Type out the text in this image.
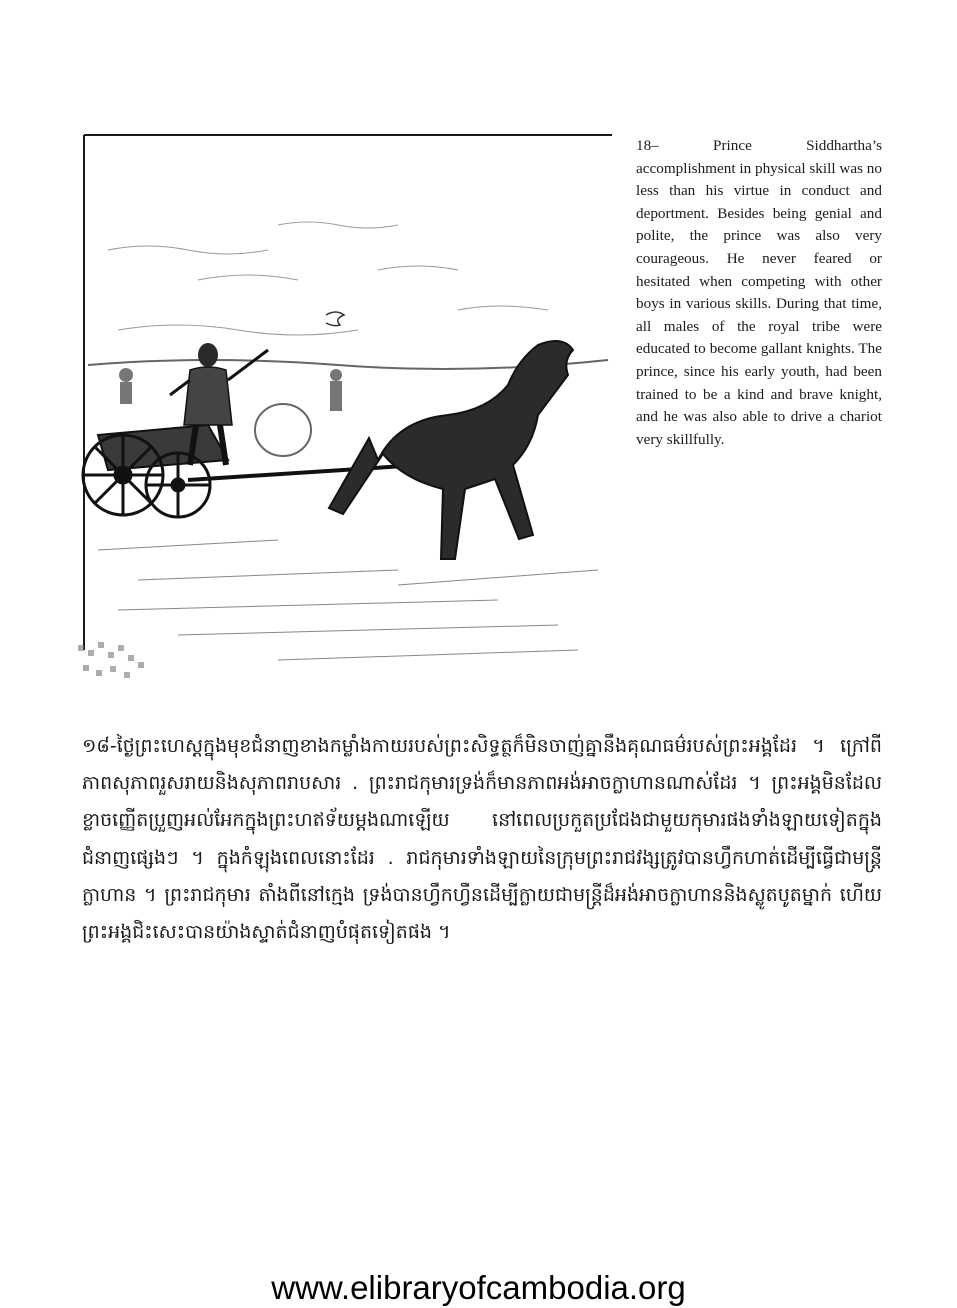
18– Prince Siddhartha’s accomplishment in physical skill was no less than his virtue in conduct and deportment. Besides being genial and polite, the prince was also very courageous. He never feared or hesitated when competing with other boys in various skills. During that time, all males of the royal tribe were educated to become gallant knights. The prince, since his early youth, had been trained to be a kind and brave knight, and he was also able to drive a chariot very skillfully.

១៨-ថ្ងៃព្រះហេស្តក្នុងមុខជំនាញខាងកម្លាំងកាយរបស់ព្រះសិទ្ធត្ថក៏មិនចាញ់គ្នានឹងគុណធម៌របស់ព្រះអង្គដែរ ។ ក្រៅពីភាពសុភាពរួសរាយនិងសុភាពរាបសារ . ព្រះរាជកុមារទ្រង់ក៏មានភាពអង់អាចក្លាហានណាស់ដែរ ។ ព្រះអង្គមិនដែលខ្លាចញ្ញើតប្រួញអល់អែកក្នុងព្រះហឥទ័យម្ដងណាឡើយ នៅពេលប្រកួតប្រជែងជាមួយកុមារផងទាំងឡាយទៀតក្នុងជំនាញផ្សេងៗ ។ ក្នុងកំឡុងពេលនោះដែរ . រាជកុមារទាំងឡាយនៃក្រុមព្រះរាជវង្សត្រូវបានហ្វឹកហាត់ដើម្បីធ្វើជាមន្ត្រីក្លាហាន ។ ព្រះរាជកុមារ តាំងពីនៅក្មេង ទ្រង់បានហ្វឹកហ្វឺនដើម្បីក្លាយជាមន្ត្រីដ៏អង់អាចក្លាហាននិងស្លូតបូតម្នាក់ ហើយព្រះអង្គជិះសេះបានយ៉ាងស្ទាត់ជំនាញបំផុតទៀតផង ។

www.elibraryofcambodia.org
